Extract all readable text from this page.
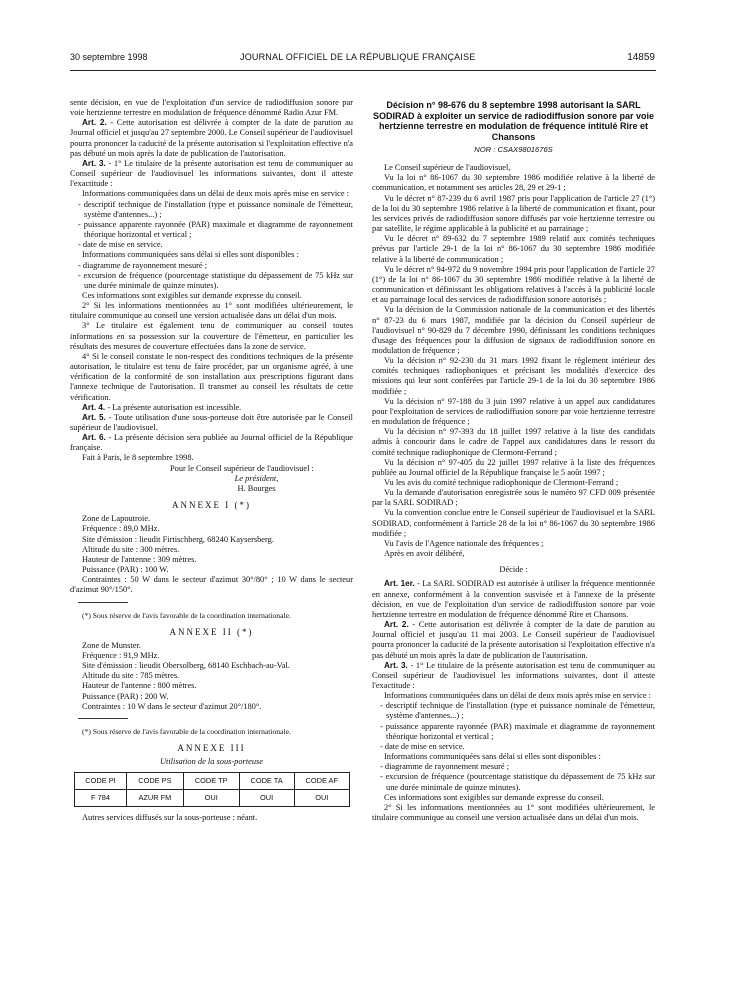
30 septembre 1998	JOURNAL OFFICIEL DE LA RÉPUBLIQUE FRANÇAISE	14859

sente décision, en vue de l'exploitation d'un service de radiodiffusion sonore par voie hertzienne terrestre en modulation de fréquence dénommé Radio Azur FM.

Art. 2. - Cette autorisation est délivrée à compter de la date de parution au Journal officiel et jusqu'au 27 septembre 2000. Le Conseil supérieur de l'audiovisuel pourra prononcer la caducité de la présente autorisation si l'exploitation effective n'a pas débuté un mois après la date de publication de l'autorisation.

Art. 3. - 1° Le titulaire de la présente autorisation est tenu de communiquer au Conseil supérieur de l'audiovisuel les informations suivantes, dont il atteste l'exactitude :

Informations communiquées dans un délai de deux mois après mise en service :

- descriptif technique de l'installation (type et puissance nominale de l'émetteur, système d'antennes...) ;

- puissance apparente rayonnée (PAR) maximale et diagramme de rayonnement théorique horizontal et vertical ;

- date de mise en service.

Informations communiquées sans délai si elles sont disponibles :

- diagramme de rayonnement mesuré ;

- excursion de fréquence (pourcentage statistique du dépassement de 75 kHz sur une durée minimale de quinze minutes).

Ces informations sont exigibles sur demande expresse du conseil.

2° Si les informations mentionnées au 1° sont modifiées ultérieurement, le titulaire communique au conseil une version actualisée dans un délai d'un mois.

3° Le titulaire est également tenu de communiquer au conseil toutes informations en sa possession sur la couverture de l'émetteur, en particulier les résultats des mesures de couverture effectuées dans la zone de service.

4° Si le conseil constate le non-respect des conditions techniques de la présente autorisation, le titulaire est tenu de faire procéder, par un organisme agréé, à une vérification de la conformité de son installation aux prescriptions figurant dans l'annexe technique de l'autorisation. Il transmet au conseil les résultats de cette vérification.

Art. 4. - La présente autorisation est incessible.

Art. 5. - Toute utilisation d'une sous-porteuse doit être autorisée par le Conseil supérieur de l'audiovisuel.

Art. 6. - La présente décision sera publiée au Journal officiel de la République française.

Fait à Paris, le 8 septembre 1998.

Pour le Conseil supérieur de l'audiovisuel :

Le président,

H. Bourges

ANNEXE I (*)

Zone de Lapoutroie.

Fréquence : 89,0 MHz.

Site d'émission : lieudit Firtischberg, 68240 Kaysersberg.

Altitude du site : 300 mètres.

Hauteur de l'antenne : 309 mètres.

Puissance (PAR) : 100 W.

Contraintes : 50 W dans le secteur d'azimut 30°/80° ; 10 W dans le secteur d'azimut 90°/150°.

(*) Sous réserve de l'avis favorable de la coordination internationale.

ANNEXE II (*)

Zone de Munster.

Fréquence : 91,9 MHz.

Site d'émission : lieudit Obersolberg, 68140 Eschbach-au-Val.

Altitude du site : 785 mètres.

Hauteur de l'antenne : 800 mètres.

Puissance (PAR) : 200 W.

Contraintes : 10 W dans le secteur d'azimut 20°/180°.

(*) Sous réserve de l'avis favorable de la coordination internationale.

ANNEXE III

Utilisation de la sous-porteuse

CODE PI	CODE PS	CODE TP	CODE TA	CODE AF
F 784	AZUR FM	OUI	OUI	OUI

Autres services diffusés sur la sous-porteuse : néant.

Décision n° 98-676 du 8 septembre 1998 autorisant la SARL SODIRAD à exploiter un service de radiodiffusion sonore par voie hertzienne terrestre en modulation de fréquence intitulé Rire et Chansons

NOR : CSAX9801676S

Le Conseil supérieur de l'audiovisuel,

Vu la loi n° 86-1067 du 30 septembre 1986 modifiée relative à la liberté de communication, et notamment ses articles 28, 29 et 29-1 ;

Vu le décret n° 87-239 du 6 avril 1987 pris pour l'application de l'article 27 (1°) de la loi du 30 septembre 1986 relative à la liberté de communication et fixant, pour les services privés de radiodiffusion sonore diffusés par voie hertzienne terrestre ou par satellite, le régime applicable à la publicité et au parrainage ;

Vu le décret n° 89-632 du 7 septembre 1989 relatif aux comités techniques prévus par l'article 29-1 de la loi n° 86-1067 du 30 septembre 1986 modifiée relative à la liberté de communication ;

Vu le décret n° 94-972 du 9 novembre 1994 pris pour l'application de l'article 27 (1°) de la loi n° 86-1067 du 30 septembre 1986 modifiée relative à la liberté de communication et définissant les obligations relatives à l'accès à la publicité locale et au parrainage local des services de radiodiffusion sonore autorisés ;

Vu la décision de la Commission nationale de la communication et des libertés n° 87-23 du 6 mars 1987, modifiée par la décision du Conseil supérieur de l'audiovisuel n° 90-829 du 7 décembre 1990, définissant les conditions techniques d'usage des fréquences pour la diffusion de signaux de radiodiffusion sonore en modulation de fréquence ;

Vu la décision n° 92-230 du 31 mars 1992 fixant le règlement intérieur des comités techniques radiophoniques et précisant les modalités d'exercice des missions qui leur sont conférées par l'article 29-1 de la loi du 30 septembre 1986 modifiée ;

Vu la décision n° 97-188 du 3 juin 1997 relative à un appel aux candidatures pour l'exploitation de services de radiodiffusion sonore par voie hertzienne terrestre en modulation de fréquence ;

Vu la décision n° 97-393 du 18 juillet 1997 relative à la liste des candidats admis à concourir dans le cadre de l'appel aux candidatures dans le ressort du comité technique radiophonique de Clermont-Ferrand ;

Vu la décision n° 97-405 du 22 juillet 1997 relative à la liste des fréquences publiée au Journal officiel de la République française le 5 août 1997 ;

Vu les avis du comité technique radiophonique de Clermont-Ferrand ;

Vu la demande d'autorisation enregistrée sous le numéro 97 CFD 009 présentée par la SARL SODIRAD ;

Vu la convention conclue entre le Conseil supérieur de l'audiovisuel et la SARL SODIRAD, conformément à l'article 28 de la loi n° 86-1067 du 30 septembre 1986 modifiée ;

Vu l'avis de l'Agence nationale des fréquences ;

Après en avoir délibéré,

Décide :

Art. 1er. - La SARL SODIRAD est autorisée à utiliser la fréquence mentionnée en annexe, conformément à la convention susvisée et à l'annexe de la présente décision, en vue de l'exploitation d'un service de radiodiffusion sonore par voie hertzienne terrestre en modulation de fréquence dénommé Rire et Chansons.

Art. 2. - Cette autorisation est délivrée à compter de la date de parution au Journal officiel et jusqu'au 11 mai 2003. Le Conseil supérieur de l'audiovisuel pourra prononcer la caducité de la présente autorisation si l'exploitation effective n'a pas débuté un mois après la date de publication de l'autorisation.

Art. 3. - 1° Le titulaire de la présente autorisation est tenu de communiquer au Conseil supérieur de l'audiovisuel les informations suivantes, dont il atteste l'exactitude :

Informations communiquées dans un délai de deux mois après mise en service :

- descriptif technique de l'installation (type et puissance nominale de l'émetteur, système d'antennes...) ;

- puissance apparente rayonnée (PAR) maximale et diagramme de rayonnement théorique horizontal et vertical ;

- date de mise en service.

Informations communiquées sans délai si elles sont disponibles :

- diagramme de rayonnement mesuré ;

- excursion de fréquence (pourcentage statistique du dépassement de 75 kHz sur une durée minimale de quinze minutes).

Ces informations sont exigibles sur demande expresse du conseil.

2° Si les informations mentionnées au 1° sont modifiées ultérieurement, le titulaire communique au conseil une version actualisée dans un délai d'un mois.
